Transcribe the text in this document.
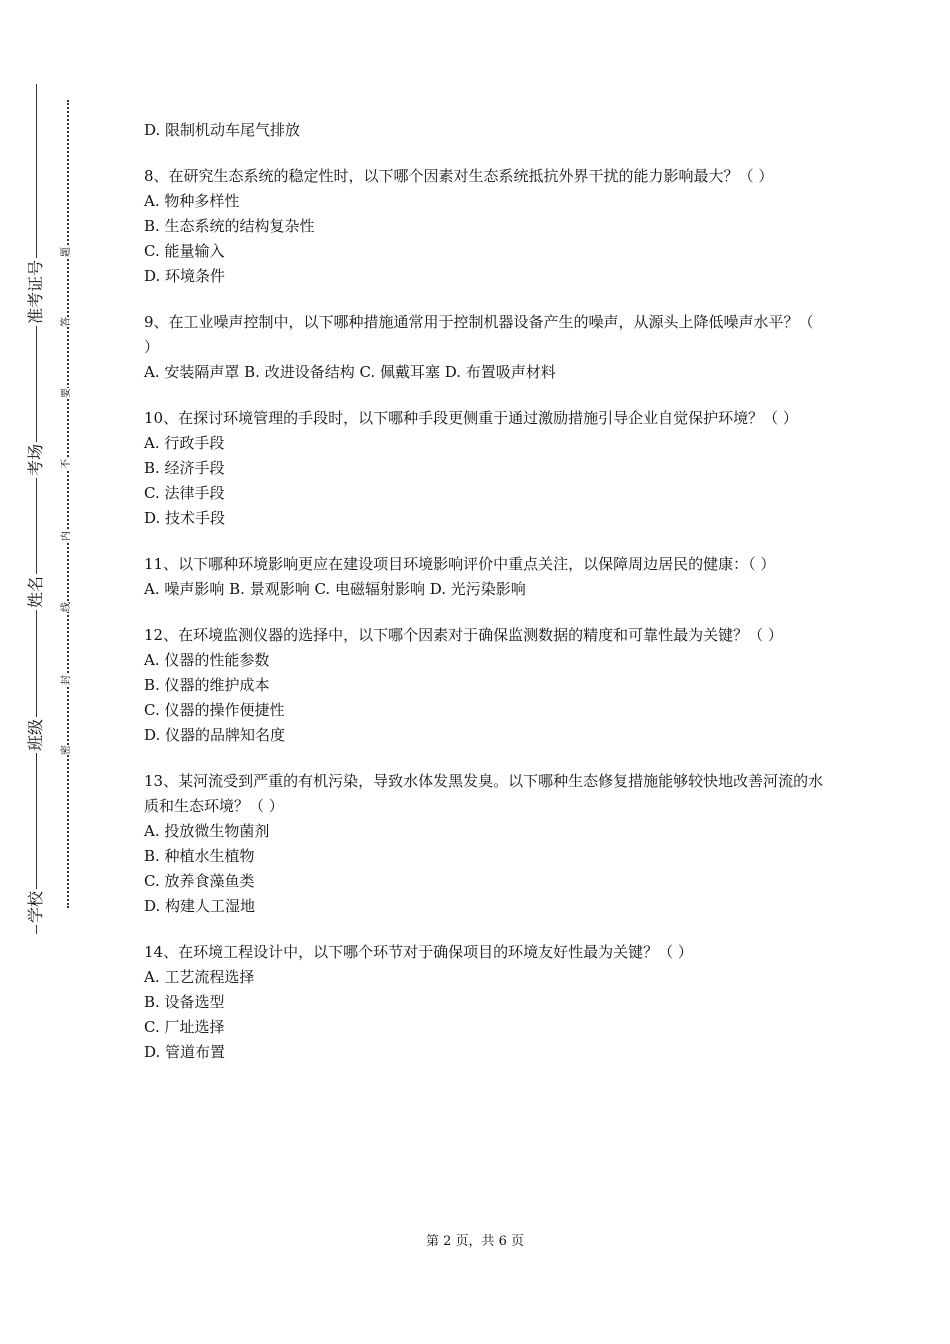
准考证号
考场
姓名
班级
学校
题
答
要
不
内
线
封
密

D. 限制机动车尾气排放

8、在研究生态系统的稳定性时，以下哪个因素对生态系统抵抗外界干扰的能力影响最大？（ ）

A. 物种多样性

B. 生态系统的结构复杂性

C. 能量输入

D. 环境条件

9、在工业噪声控制中，以下哪种措施通常用于控制机器设备产生的噪声，从源头上降低噪声水平？（ ）

A. 安装隔声罩 B. 改进设备结构 C. 佩戴耳塞 D. 布置吸声材料

10、在探讨环境管理的手段时，以下哪种手段更侧重于通过激励措施引导企业自觉保护环境？（ ）

A. 行政手段

B. 经济手段

C. 法律手段

D. 技术手段

11、以下哪种环境影响更应在建设项目环境影响评价中重点关注，以保障周边居民的健康：（ ）

A. 噪声影响 B. 景观影响 C. 电磁辐射影响 D. 光污染影响

12、在环境监测仪器的选择中，以下哪个因素对于确保监测数据的精度和可靠性最为关键？（ ）

A. 仪器的性能参数

B. 仪器的维护成本

C. 仪器的操作便捷性

D. 仪器的品牌知名度

13、某河流受到严重的有机污染，导致水体发黑发臭。以下哪种生态修复措施能够较快地改善河流的水质和生态环境？（ ）

A. 投放微生物菌剂

B. 种植水生植物

C. 放养食藻鱼类

D. 构建人工湿地

14、在环境工程设计中，以下哪个环节对于确保项目的环境友好性最为关键？（ ）

A. 工艺流程选择

B. 设备选型

C. 厂址选择

D. 管道布置

第 2 页，共 6 页
